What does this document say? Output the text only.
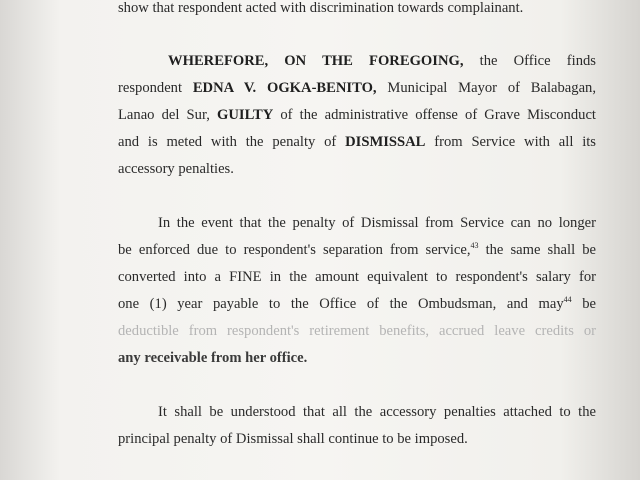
show that respondent acted with discrimination towards complainant.
WHEREFORE, ON THE FOREGOING, the Office finds
respondent EDNA V. OGKA-BENITO, Municipal Mayor of Balabagan,
Lanao del Sur, GUILTY of the administrative offense of Grave Misconduct
and is meted with the penalty of DISMISSAL from Service with all its
accessory penalties.
In the event that the penalty of Dismissal from Service can no longer
be enforced due to respondent's separation from service,$^{43}$ the same shall be
converted into a FINE in the amount equivalent to respondent's salary for
one (1) year payable to the Office of the Ombudsman, and may$^{44}$ be
deductible from respondent's retirement benefits, accrued leave credits or
any receivable from her office.
It shall be understood that all the accessory penalties attached to the
principal penalty of Dismissal shall continue to be imposed.
